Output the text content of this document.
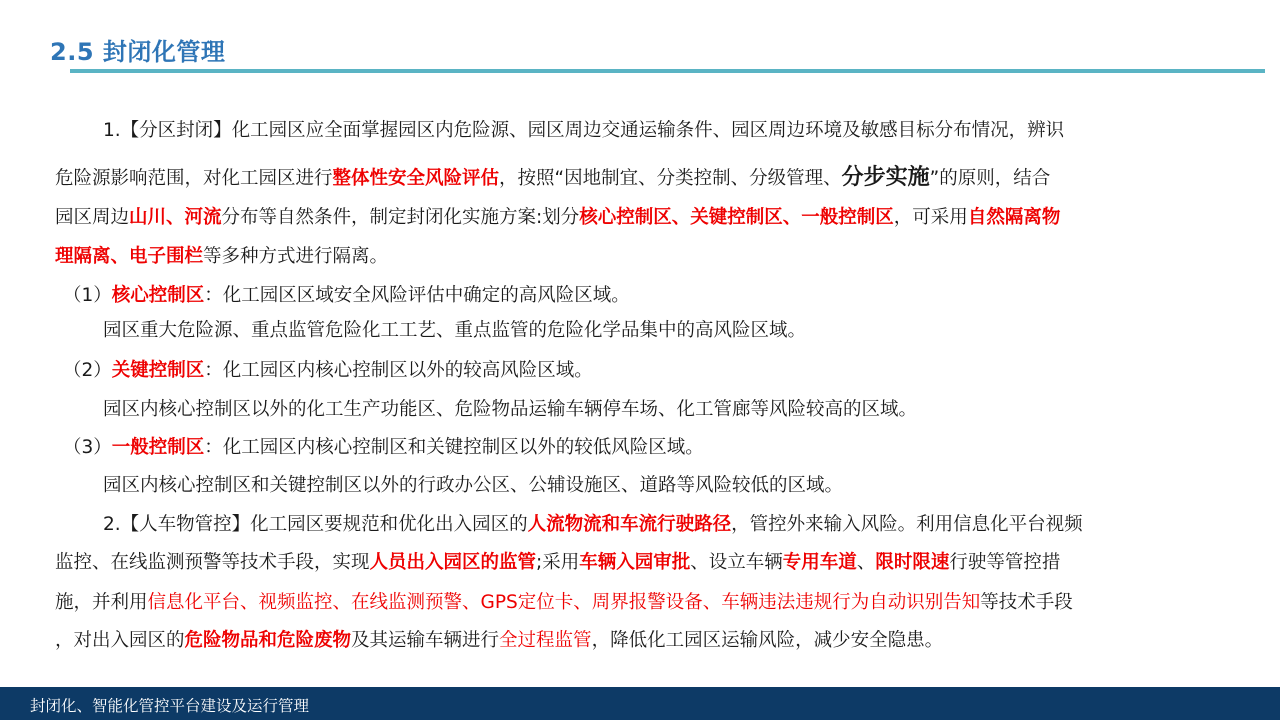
2.5 封闭化管理
1.【分区封闭】化工园区应全面掌握园区内危险源、园区周边交通运输条件、园区周边环境及敏感目标分布情况，辨识
危险源影响范围，对化工园区进行整体性安全风险评估，按照“因地制宜、分类控制、分级管理、分步实施”的原则，结合
园区周边山川、河流分布等自然条件，制定封闭化实施方案:划分核心控制区、关键控制区、一般控制区，可采用自然隔离物
理隔离、电子围栏等多种方式进行隔离。
（1）核心控制区：化工园区区域安全风险评估中确定的高风险区域。
园区重大危险源、重点监管危险化工工艺、重点监管的危险化学品集中的高风险区域。
（2）关键控制区：化工园区内核心控制区以外的较高风险区域。
园区内核心控制区以外的化工生产功能区、危险物品运输车辆停车场、化工管廊等风险较高的区域。
（3）一般控制区：化工园区内核心控制区和关键控制区以外的较低风险区域。
园区内核心控制区和关键控制区以外的行政办公区、公辅设施区、道路等风险较低的区域。
2.【人车物管控】化工园区要规范和优化出入园区的人流物流和车流行驶路径，管控外来输入风险。利用信息化平台视频
监控、在线监测预警等技术手段，实现人员出入园区的监管;采用车辆入园审批、设立车辆专用车道、限时限速行驶等管控措
施，并利用信息化平台、视频监控、在线监测预警、GPS定位卡、周界报警设备、车辆违法违规行为自动识别告知等技术手段
，对出入园区的危险物品和危险废物及其运输车辆进行全过程监管，降低化工园区运输风险，减少安全隐患。
封闭化、智能化管控平台建设及运行管理
